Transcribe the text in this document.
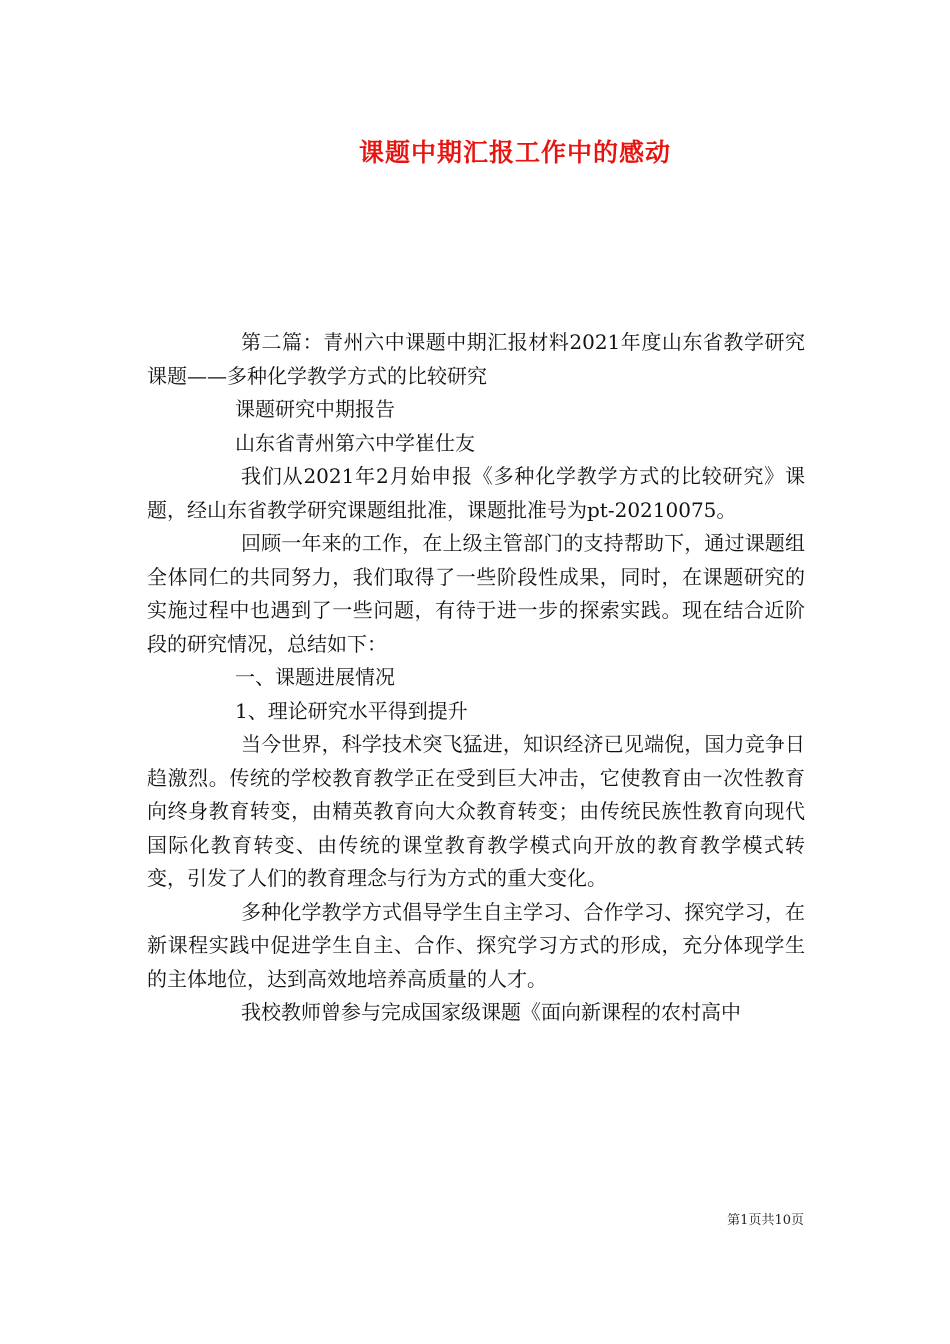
课题中期汇报工作中的感动

第二篇：青州六中课题中期汇报材料2021年度山东省教学研究课题——多种化学教学方式的比较研究

课题研究中期报告

山东省青州第六中学崔仕友

我们从2021年2月始申报《多种化学教学方式的比较研究》课题，经山东省教学研究课题组批准，课题批准号为pt-20210075。

回顾一年来的工作，在上级主管部门的支持帮助下，通过课题组全体同仁的共同努力，我们取得了一些阶段性成果，同时，在课题研究的实施过程中也遇到了一些问题，有待于进一步的探索实践。现在结合近阶段的研究情况，总结如下：

一、课题进展情况

1、理论研究水平得到提升

当今世界，科学技术突飞猛进，知识经济已见端倪，国力竞争日趋激烈。传统的学校教育教学正在受到巨大冲击，它使教育由一次性教育向终身教育转变，由精英教育向大众教育转变；由传统民族性教育向现代国际化教育转变、由传统的课堂教育教学模式向开放的教育教学模式转变，引发了人们的教育理念与行为方式的重大变化。

多种化学教学方式倡导学生自主学习、合作学习、探究学习，在新课程实践中促进学生自主、合作、探究学习方式的形成，充分体现学生的主体地位，达到高效地培养高质量的人才。

我校教师曾参与完成国家级课题《面向新课程的农村高中

第1页共10页
